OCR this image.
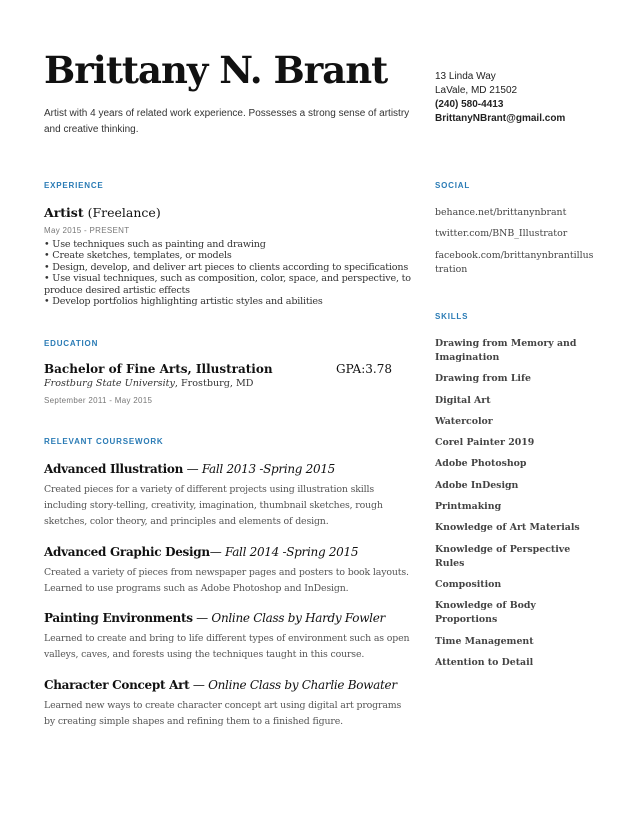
Brittany N. Brant
Artist with 4 years of related work experience. Possesses a strong sense of artistry and creative thinking.
13 Linda Way
LaVale, MD 21502
(240) 580-4413
BrittanyNBrant@gmail.com
EXPERIENCE
Artist (Freelance)
May 2015 - PRESENT
• Use techniques such as painting and drawing
• Create sketches, templates, or models
• Design, develop, and deliver art pieces to clients according to specifications
• Use visual techniques, such as composition, color, space, and perspective, to produce desired artistic effects
• Develop portfolios highlighting artistic styles and abilities
EDUCATION
Bachelor of Fine Arts, Illustration	GPA:3.78
Frostburg State University, Frostburg, MD
September 2011 - May 2015
RELEVANT COURSEWORK
Advanced Illustration — Fall 2013 -Spring 2015
Created pieces for a variety of different projects using illustration skills including story-telling, creativity, imagination, thumbnail sketches, rough sketches, color theory, and principles and elements of design.
Advanced Graphic Design— Fall 2014 -Spring 2015
Created a variety of pieces from newspaper pages and posters to book layouts. Learned to use programs such as Adobe Photoshop and InDesign.
Painting Environments — Online Class by Hardy Fowler
Learned to create and bring to life different types of environment such as open valleys, caves, and forests using the techniques taught in this course.
Character Concept Art — Online Class by Charlie Bowater
Learned new ways to create character concept art using digital art programs by creating simple shapes and refining them to a finished figure.
SOCIAL
behance.net/brittanynbrant
twitter.com/BNB_Illustrator
facebook.com/brittanynbrantillustration
SKILLS
Drawing from Memory and Imagination
Drawing from Life
Digital Art
Watercolor
Corel Painter 2019
Adobe Photoshop
Adobe InDesign
Printmaking
Knowledge of Art Materials
Knowledge of Perspective Rules
Composition
Knowledge of Body Proportions
Time Management
Attention to Detail
